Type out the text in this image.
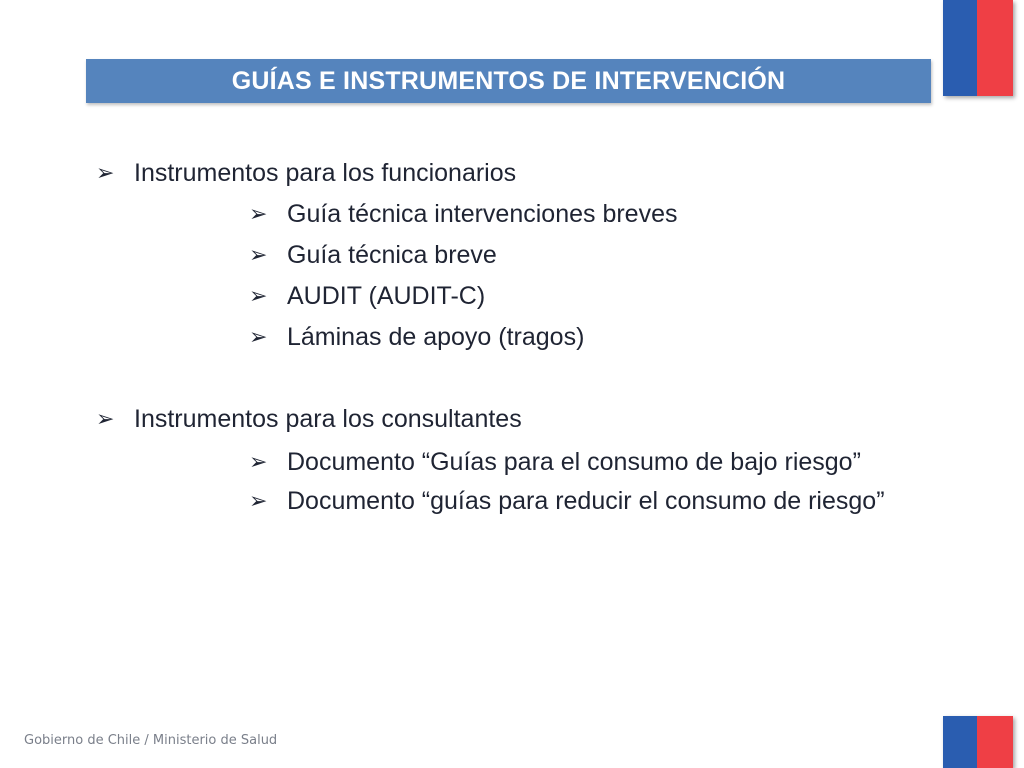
GUÍAS E INSTRUMENTOS DE INTERVENCIÓN
➢ Instrumentos para los funcionarios
➢ Guía técnica intervenciones breves
➢ Guía técnica breve
➢ AUDIT (AUDIT-C)
➢ Láminas de apoyo (tragos)
➢ Instrumentos para los consultantes
➢ Documento “Guías para el consumo de bajo riesgo”
➢ Documento “guías para reducir el consumo de riesgo”
Gobierno de Chile / Ministerio de Salud
